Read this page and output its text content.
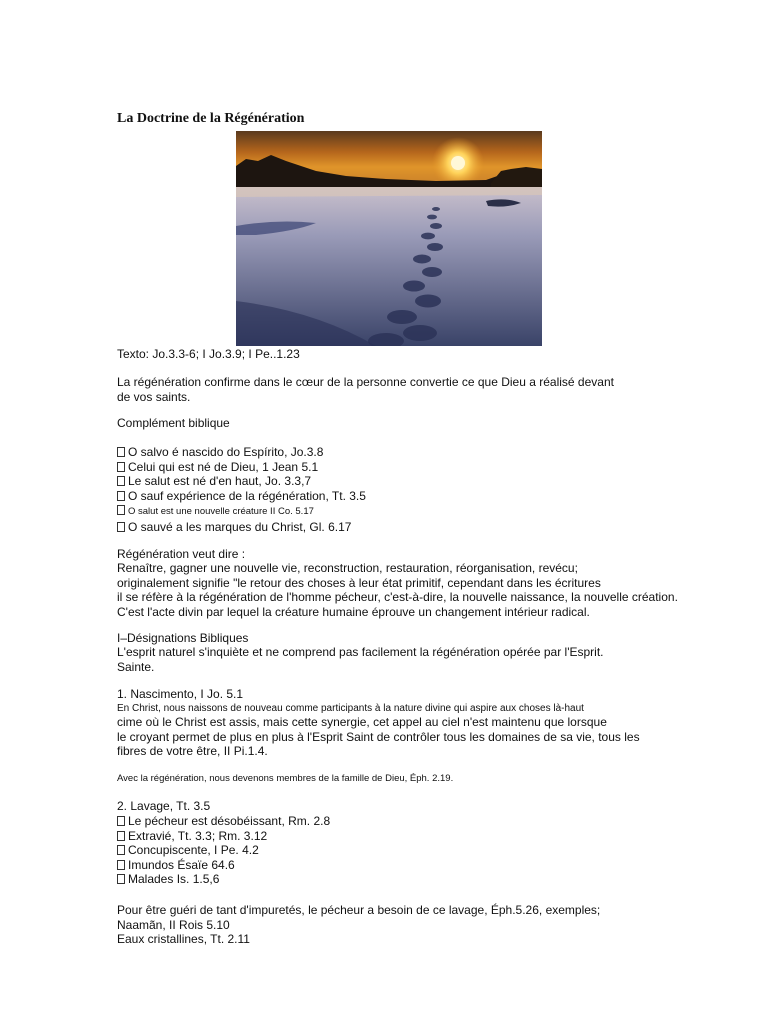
La Doctrine de la Régénération
Texto: Jo.3.3-6; I Jo.3.9; I Pe..1.23
La régénération confirme dans le cœur de la personne convertie ce que Dieu a réalisé devant
de vos saints.
Complément biblique
O salvo é nascido do Espírito, Jo.3.8
Celui qui est né de Dieu, 1 Jean 5.1
Le salut est né d'en haut, Jo. 3.3,7
O sauf expérience de la régénération, Tt. 3.5
O salut est une nouvelle créature II Co. 5.17
O sauvé a les marques du Christ, Gl. 6.17
Régénération veut dire :
Renaître, gagner une nouvelle vie, reconstruction, restauration, réorganisation, revécu;
originalement signifie "le retour des choses à leur état primitif, cependant dans les écritures
il se réfère à la régénération de l'homme pécheur, c'est-à-dire, la nouvelle naissance, la nouvelle création.
C'est l'acte divin par lequel la créature humaine éprouve un changement intérieur radical.
I–Désignations Bibliques
L'esprit naturel s'inquiète et ne comprend pas facilement la régénération opérée par l'Esprit.
Sainte.
1. Nascimento, I Jo. 5.1
En Christ, nous naissons de nouveau comme participants à la nature divine qui aspire aux choses là-haut
cime où le Christ est assis, mais cette synergie, cet appel au ciel n'est maintenu que lorsque
le croyant permet de plus en plus à l'Esprit Saint de contrôler tous les domaines de sa vie, tous les
fibres de votre être, II Pi.1.4.
Avec la régénération, nous devenons membres de la famille de Dieu, Éph. 2.19.
2. Lavage, Tt. 3.5
Le pécheur est désobéissant, Rm. 2.8
Extravié, Tt. 3.3; Rm. 3.12
Concupiscente, I Pe. 4.2
Imundos Ésaïe 64.6
Malades Is. 1.5,6
Pour être guéri de tant d'impuretés, le pécheur a besoin de ce lavage, Éph.5.26, exemples;
Naamãn, II Rois 5.10
Eaux cristallines, Tt. 2.11
